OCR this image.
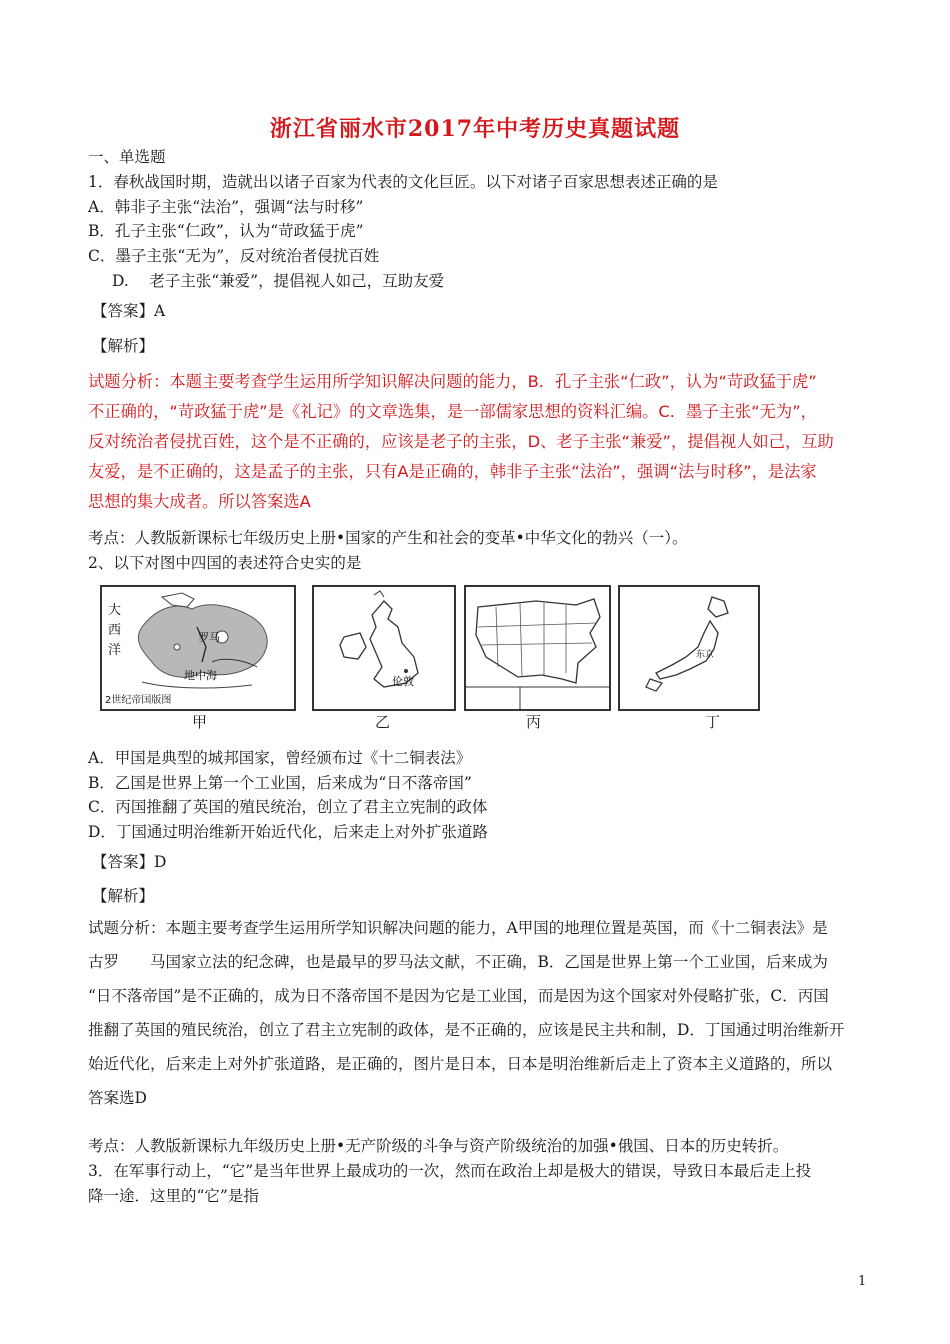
浙江省丽水市2017年中考历史真题试题
一、单选题
1．春秋战国时期，造就出以诸子百家为代表的文化巨匠。以下对诸子百家思想表述正确的是
A．韩非子主张“法治”，强调“法与时移”
B．孔子主张“仁政”，认为“苛政猛于虎”
C．墨子主张“无为”，反对统治者侵扰百姓
D.　 老子主张“兼爱”，提倡视人如己，互助友爱
【答案】A
【解析】
试题分析：本题主要考查学生运用所学知识解决问题的能力，B．孔子主张“仁政”，认为“苛政猛于虎”
不正确的，“苛政猛于虎”是《礼记》的文章选集，是一部儒家思想的资料汇编。C．墨子主张“无为”，
反对统治者侵扰百姓，这个是不正确的，应该是老子的主张，D、老子主张“兼爱”，提倡视人如己，互助
友爱，是不正确的，这是孟子的主张，只有A是正确的，韩非子主张“法治”，强调“法与时移”，是法家
思想的集大成者。所以答案选A
考点：人教版新课标七年级历史上册•国家的产生和社会的变革•中华文化的勃兴（一）。
2、以下对图中四国的表述符合史实的是
大
西
洋
罗马
地中海
2世纪帝国版图
甲
伦敦
乙	丙
东京
丁
A．甲国是典型的城邦国家，曾经颁布过《十二铜表法》
B．乙国是世界上第一个工业国，后来成为“日不落帝国”
C．丙国推翻了英国的殖民统治，创立了君主立宪制的政体
D．丁国通过明治维新开始近代化，后来走上对外扩张道路
【答案】D
【解析】
试题分析：本题主要考查学生运用所学知识解决问题的能力，A甲国的地理位置是英国，而《十二铜表法》是
古罗　　马国家立法的纪念碑，也是最早的罗马法文献，不正确，B．乙国是世界上第一个工业国，后来成为
“日不落帝国”是不正确的，成为日不落帝国不是因为它是工业国，而是因为这个国家对外侵略扩张，C．丙国
推翻了英国的殖民统治，创立了君主立宪制的政体，是不正确的，应该是民主共和制，D．丁国通过明治维新开
始近代化，后来走上对外扩张道路，是正确的，图片是日本，日本是明治维新后走上了资本主义道路的，所以
答案选D
考点：人教版新课标九年级历史上册•无产阶级的斗争与资产阶级统治的加强•俄国、日本的历史转折。
3．在军事行动上，“它”是当年世界上最成功的一次，然而在政治上却是极大的错误，导致日本最后走上投
降一途．这里的“它”是指
1
